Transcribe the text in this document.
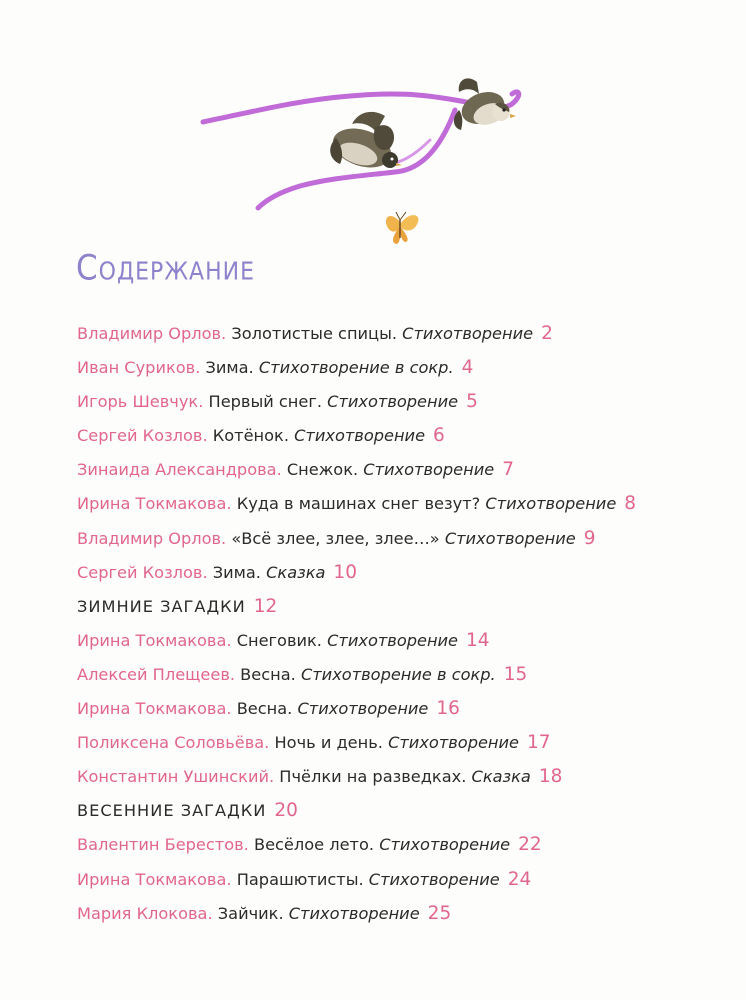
Содержание
Владимир Орлов. Золотистые спицы. Стихотворение 2
Иван Суриков. Зима. Стихотворение в сокр. 4
Игорь Шевчук. Первый снег. Стихотворение 5
Сергей Козлов. Котёнок. Стихотворение 6
Зинаида Александрова. Снежок. Стихотворение 7
Ирина Токмакова. Куда в машинах снег везут? Стихотворение 8
Владимир Орлов. «Всё злее, злее, злее…» Стихотворение 9
Сергей Козлов. Зима. Сказка 10
ЗИМНИЕ ЗАГАДКИ 12
Ирина Токмакова. Снеговик. Стихотворение 14
Алексей Плещеев. Весна. Стихотворение в сокр. 15
Ирина Токмакова. Весна. Стихотворение 16
Поликсена Соловьёва. Ночь и день. Стихотворение 17
Константин Ушинский. Пчёлки на разведках. Сказка 18
ВЕСЕННИЕ ЗАГАДКИ 20
Валентин Берестов. Весёлое лето. Стихотворение 22
Ирина Токмакова. Парашютисты. Стихотворение 24
Мария Клокова. Зайчик. Стихотворение 25
